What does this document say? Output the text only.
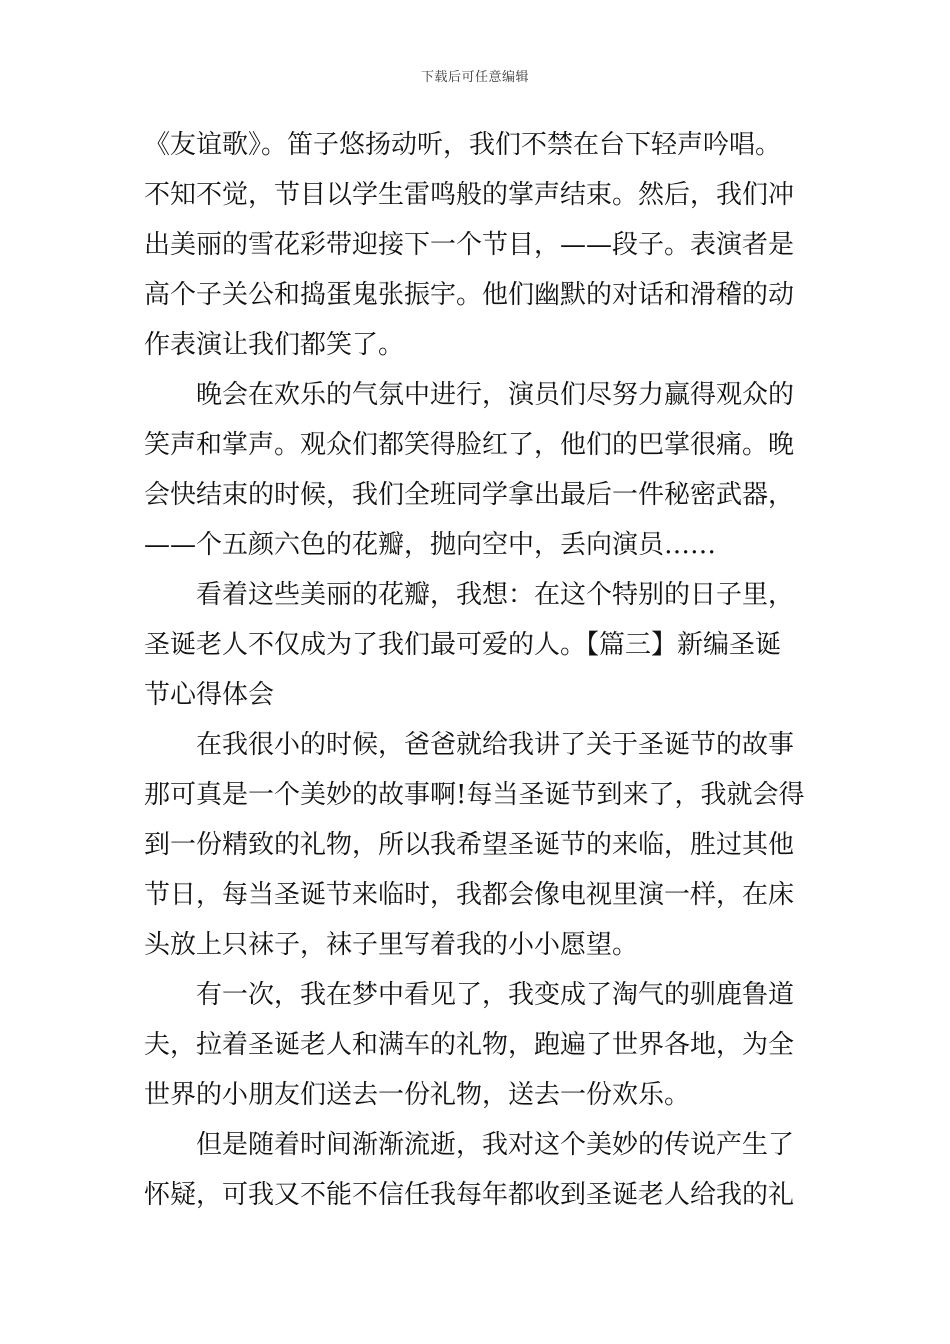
下载后可任意编辑
《友谊歌》。笛子悠扬动听，我们不禁在台下轻声吟唱。
不知不觉，节目以学生雷鸣般的掌声结束。然后，我们冲
出美丽的雪花彩带迎接下一个节目，——段子。表演者是
高个子关公和捣蛋鬼张振宇。他们幽默的对话和滑稽的动
作表演让我们都笑了。
晚会在欢乐的气氛中进行，演员们尽努力赢得观众的
笑声和掌声。观众们都笑得脸红了，他们的巴掌很痛。晚
会快结束的时候，我们全班同学拿出最后一件秘密武器，
——个五颜六色的花瓣，抛向空中，丢向演员……
看着这些美丽的花瓣，我想：在这个特别的日子里，
圣诞老人不仅成为了我们最可爱的人。【篇三】新编圣诞
节心得体会
在我很小的时候，爸爸就给我讲了关于圣诞节的故事
那可真是一个美妙的故事啊!每当圣诞节到来了，我就会得
到一份精致的礼物，所以我希望圣诞节的来临，胜过其他
节日，每当圣诞节来临时，我都会像电视里演一样，在床
头放上只袜子，袜子里写着我的小小愿望。
有一次，我在梦中看见了，我变成了淘气的驯鹿鲁道
夫，拉着圣诞老人和满车的礼物，跑遍了世界各地，为全
世界的小朋友们送去一份礼物，送去一份欢乐。
但是随着时间渐渐流逝，我对这个美妙的传说产生了
怀疑，可我又不能不信任我每年都收到圣诞老人给我的礼
